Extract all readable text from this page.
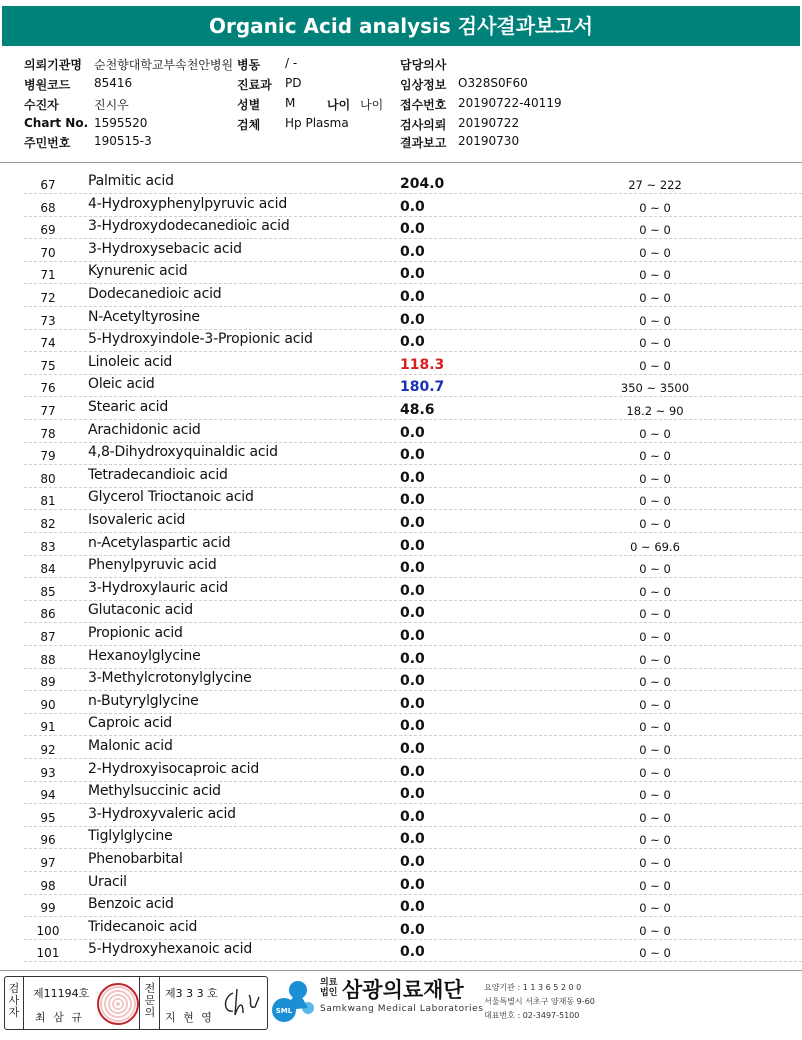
Organic Acid analysis 검사결과보고서
의뢰기관명 순천향대학교부속천안병원
병원코드 85416
수진자	진시우
Chart No. 1595520
주민번호 190515-3
병동 / -
진료과 PD
성별 M
검체 Hp Plasma
담당의사
임상정보 O328S0F60
접수번호 20190722-40119
검사의뢰 20190722
결과보고 20190730
나이 나이
67	Palmitic acid	204.0	27 ~ 222
68	4-Hydroxyphenylpyruvic acid	0.0	0 ~ 0
69	3-Hydroxydodecanedioic acid	0.0	0 ~ 0
70	3-Hydroxysebacic acid	0.0	0 ~ 0
71	Kynurenic acid	0.0	0 ~ 0
72	Dodecanedioic acid	0.0	0 ~ 0
73	N-Acetyltyrosine	0.0	0 ~ 0
74	5-Hydroxyindole-3-Propionic acid	0.0	0 ~ 0
75	Linoleic acid	118.3	0 ~ 0
76	Oleic acid	180.7	350 ~ 3500
77	Stearic acid	48.6	18.2 ~ 90
78	Arachidonic acid	0.0	0 ~ 0
79	4,8-Dihydroxyquinaldic acid	0.0	0 ~ 0
80	Tetradecandioic acid	0.0	0 ~ 0
81	Glycerol Trioctanoic acid	0.0	0 ~ 0
82	Isovaleric acid	0.0	0 ~ 0
83	n-Acetylaspartic acid	0.0	0 ~ 69.6
84	Phenylpyruvic acid	0.0	0 ~ 0
85	3-Hydroxylauric acid	0.0	0 ~ 0
86	Glutaconic acid	0.0	0 ~ 0
87	Propionic acid	0.0	0 ~ 0
88	Hexanoylglycine	0.0	0 ~ 0
89	3-Methylcrotonylglycine	0.0	0 ~ 0
90	n-Butyrylglycine	0.0	0 ~ 0
91	Caproic acid	0.0	0 ~ 0
92	Malonic acid	0.0	0 ~ 0
93	2-Hydroxyisocaproic acid	0.0	0 ~ 0
94	Methylsuccinic acid	0.0	0 ~ 0
95	3-Hydroxyvaleric acid	0.0	0 ~ 0
96	Tiglylglycine	0.0	0 ~ 0
97	Phenobarbital	0.0	0 ~ 0
98	Uracil	0.0	0 ~ 0
99	Benzoic acid	0.0	0 ~ 0
100	Tridecanoic acid	0.0	0 ~ 0
101	5-Hydroxyhexanoic acid	0.0	0 ~ 0
검사자
제11194호
최 삼 규
전문의
제3 3 3 호
지 현 영	SML
의료법인 삼광의료재단
Samkwang Medical Laboratories
요양기관 : 1 1 3 6 5 2 0 0
서울특별시 서초구 양재동 9-60
대표번호 : 02-3497-5100
